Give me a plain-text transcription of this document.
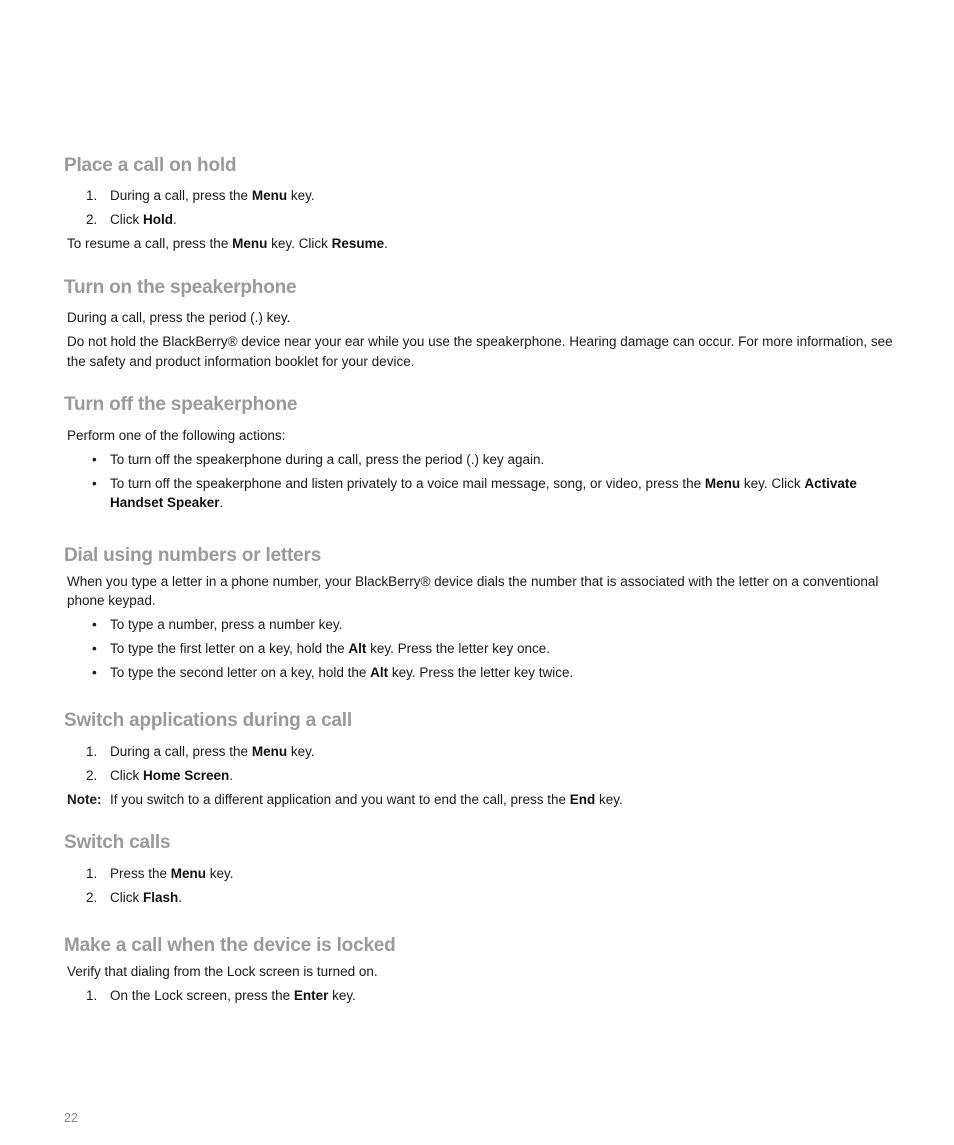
Place a call on hold
1. During a call, press the Menu key.
2. Click Hold.

To resume a call, press the Menu key. Click Resume.

Turn on the speakerphone

During a call, press the period (.) key.

Do not hold the BlackBerry® device near your ear while you use the speakerphone. Hearing damage can occur. For more information, see the safety and product information booklet for your device.

Turn off the speakerphone

Perform one of the following actions:

• To turn off the speakerphone during a call, press the period (.) key again.
• To turn off the speakerphone and listen privately to a voice mail message, song, or video, press the Menu key. Click Activate Handset Speaker.
Dial using numbers or letters

When you type a letter in a phone number, your BlackBerry® device dials the number that is associated with the letter on a conventional phone keypad.

• To type a number, press a number key.
• To type the first letter on a key, hold the Alt key. Press the letter key once.
• To type the second letter on a key, hold the Alt key. Press the letter key twice.
Switch applications during a call
1. During a call, press the Menu key.
2. Click Home Screen.
Note: If you switch to a different application and you want to end the call, press the End key.
Switch calls
1. Press the Menu key.
2. Click Flash.
Make a call when the device is locked

Verify that dialing from the Lock screen is turned on.

1. On the Lock screen, press the Enter key.
22
